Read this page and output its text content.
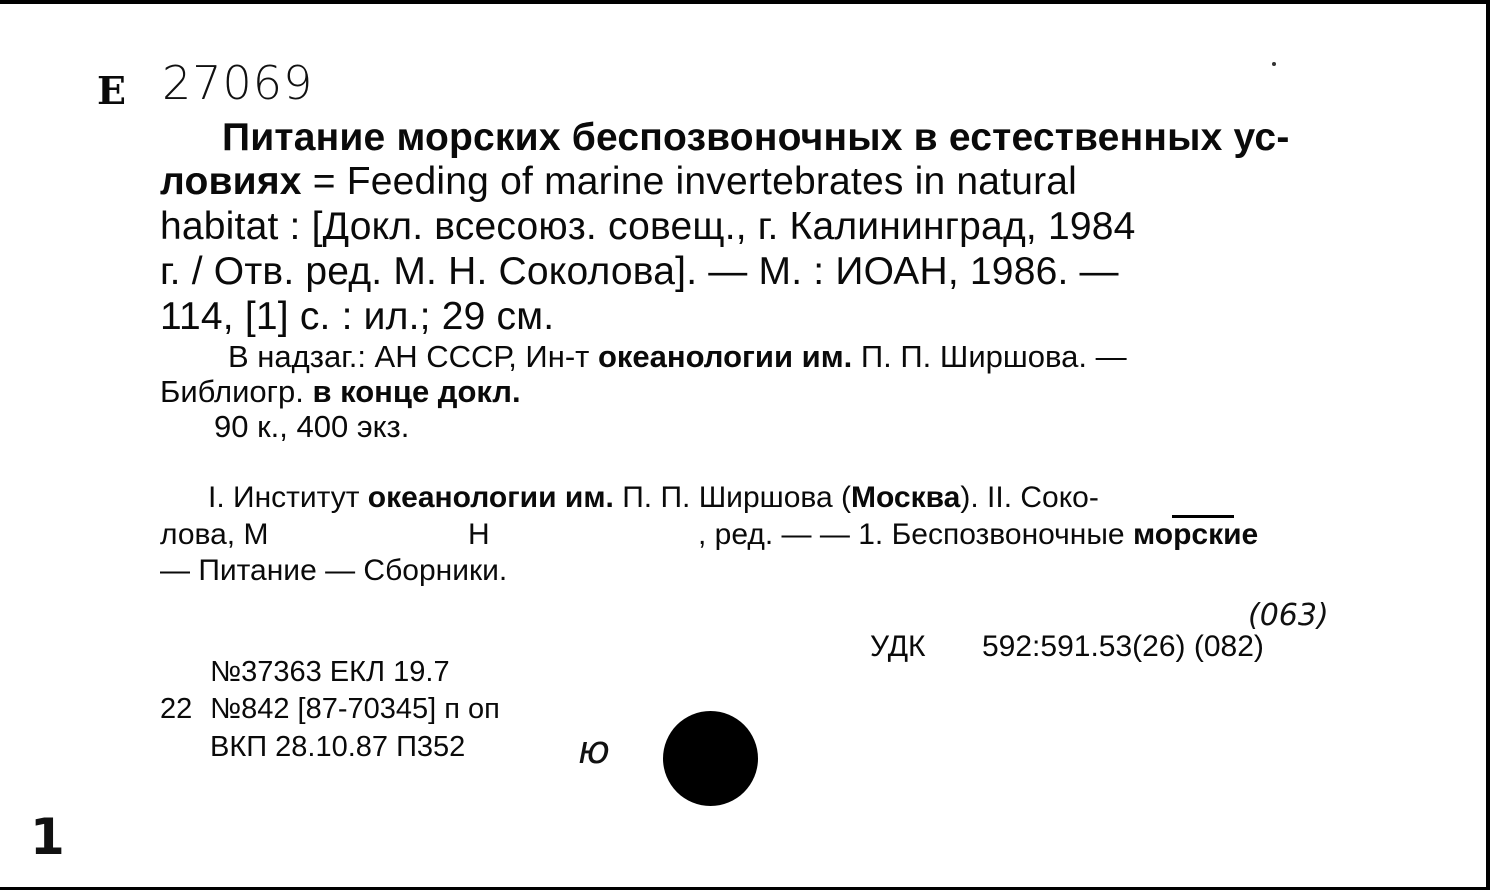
Е 27069
Питание морских беспозвоночных в естественных ус-
ловиях = Feeding of marine invertebrates in natural
habitat : [Докл. всесоюз. совещ., г. Калининград, 1984
г. / Отв. ред. М. Н. Соколова]. — М. : ИОАН, 1986. —
114, [1] с. : ил.; 29 см.
В надзаг.: АН СССР, Ин-т океанологии им. П. П. Ширшова. —
Библиогр. в конце докл.
90 к., 400 экз.
I. Институт океанологии им. П. П. Ширшова (Москва). II. Соко-
лова, М	Н	, ред. — — 1. Беспозвоночные морские
— Питание — Сборники.
(063)
УДК 592:591.53(26) (082)
№37363 ЕКЛ 19.7
22 №842 [87-70345] п оп
ВКП 28.10.87 П352	ю
1
